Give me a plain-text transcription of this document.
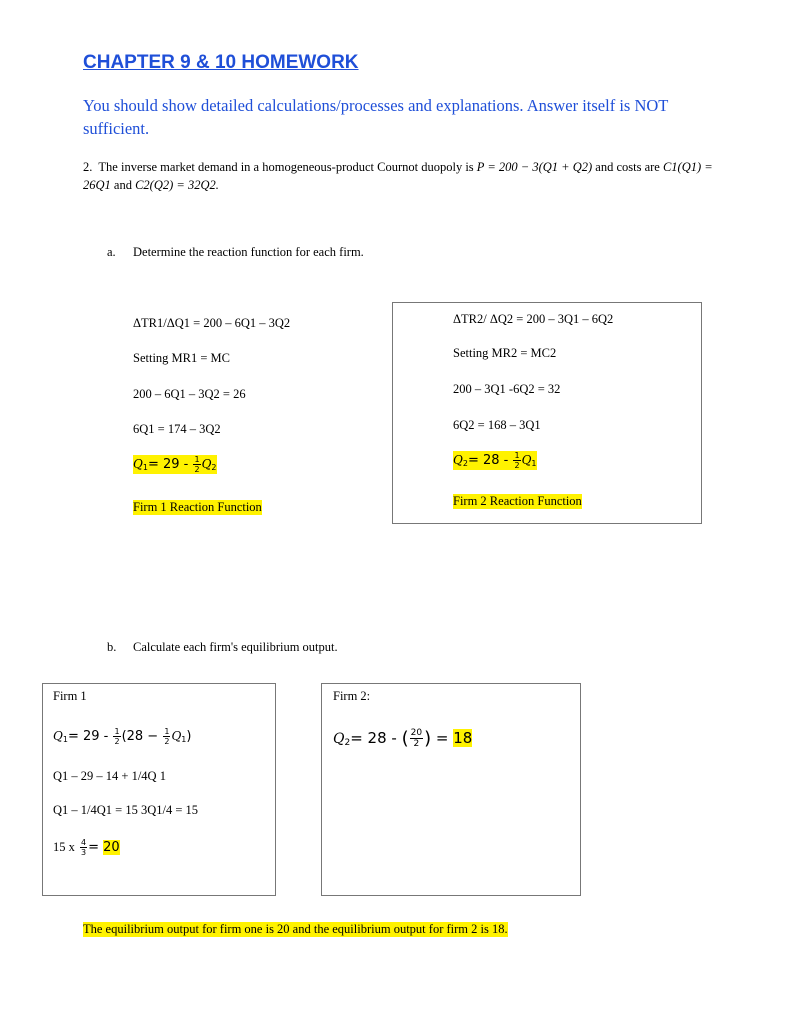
CHAPTER 9 & 10 HOMEWORK
You should show detailed calculations/processes and explanations. Answer itself is NOT sufficient.
2. The inverse market demand in a homogeneous-product Cournot duopoly is P = 200 − 3(Q1 + Q2) and costs are C1(Q1) = 26Q1 and C2(Q2) = 32Q2.
a. Determine the reaction function for each firm.
ΔTR1/ΔQ1 = 200 – 6Q1 – 3Q2
Setting MR1 = MC
200 – 6Q1 – 3Q2 = 26
6Q1 = 174 – 3Q2
$Q1= 29 - \frac{1}{2} Q2$
Firm 1 Reaction Function
ΔTR2/ ΔQ2 = 200 – 3Q1 – 6Q2
Setting MR2 = MC2
200 – 3Q1 -6Q2 = 32
6Q2 = 168 – 3Q1
$Q2= 28 - \frac{1}{2} Q1$
Firm 2 Reaction Function
b. Calculate each firm's equilibrium output.
Firm 1
$Q1= 29 - \frac{1}{2} (28 - \frac{1}{2} Q1)$
Q1 – 29 – 14 + 1/4Q 1
Q1 – 1/4Q1 = 15 3Q1/4 = 15
15 x $\frac{4}{3} = 20$
Firm 2:
Q2= 28 - ( $\frac{20}{2}$ ) = 18
The equilibrium output for firm one is 20 and the equilibrium output for firm 2 is 18.
